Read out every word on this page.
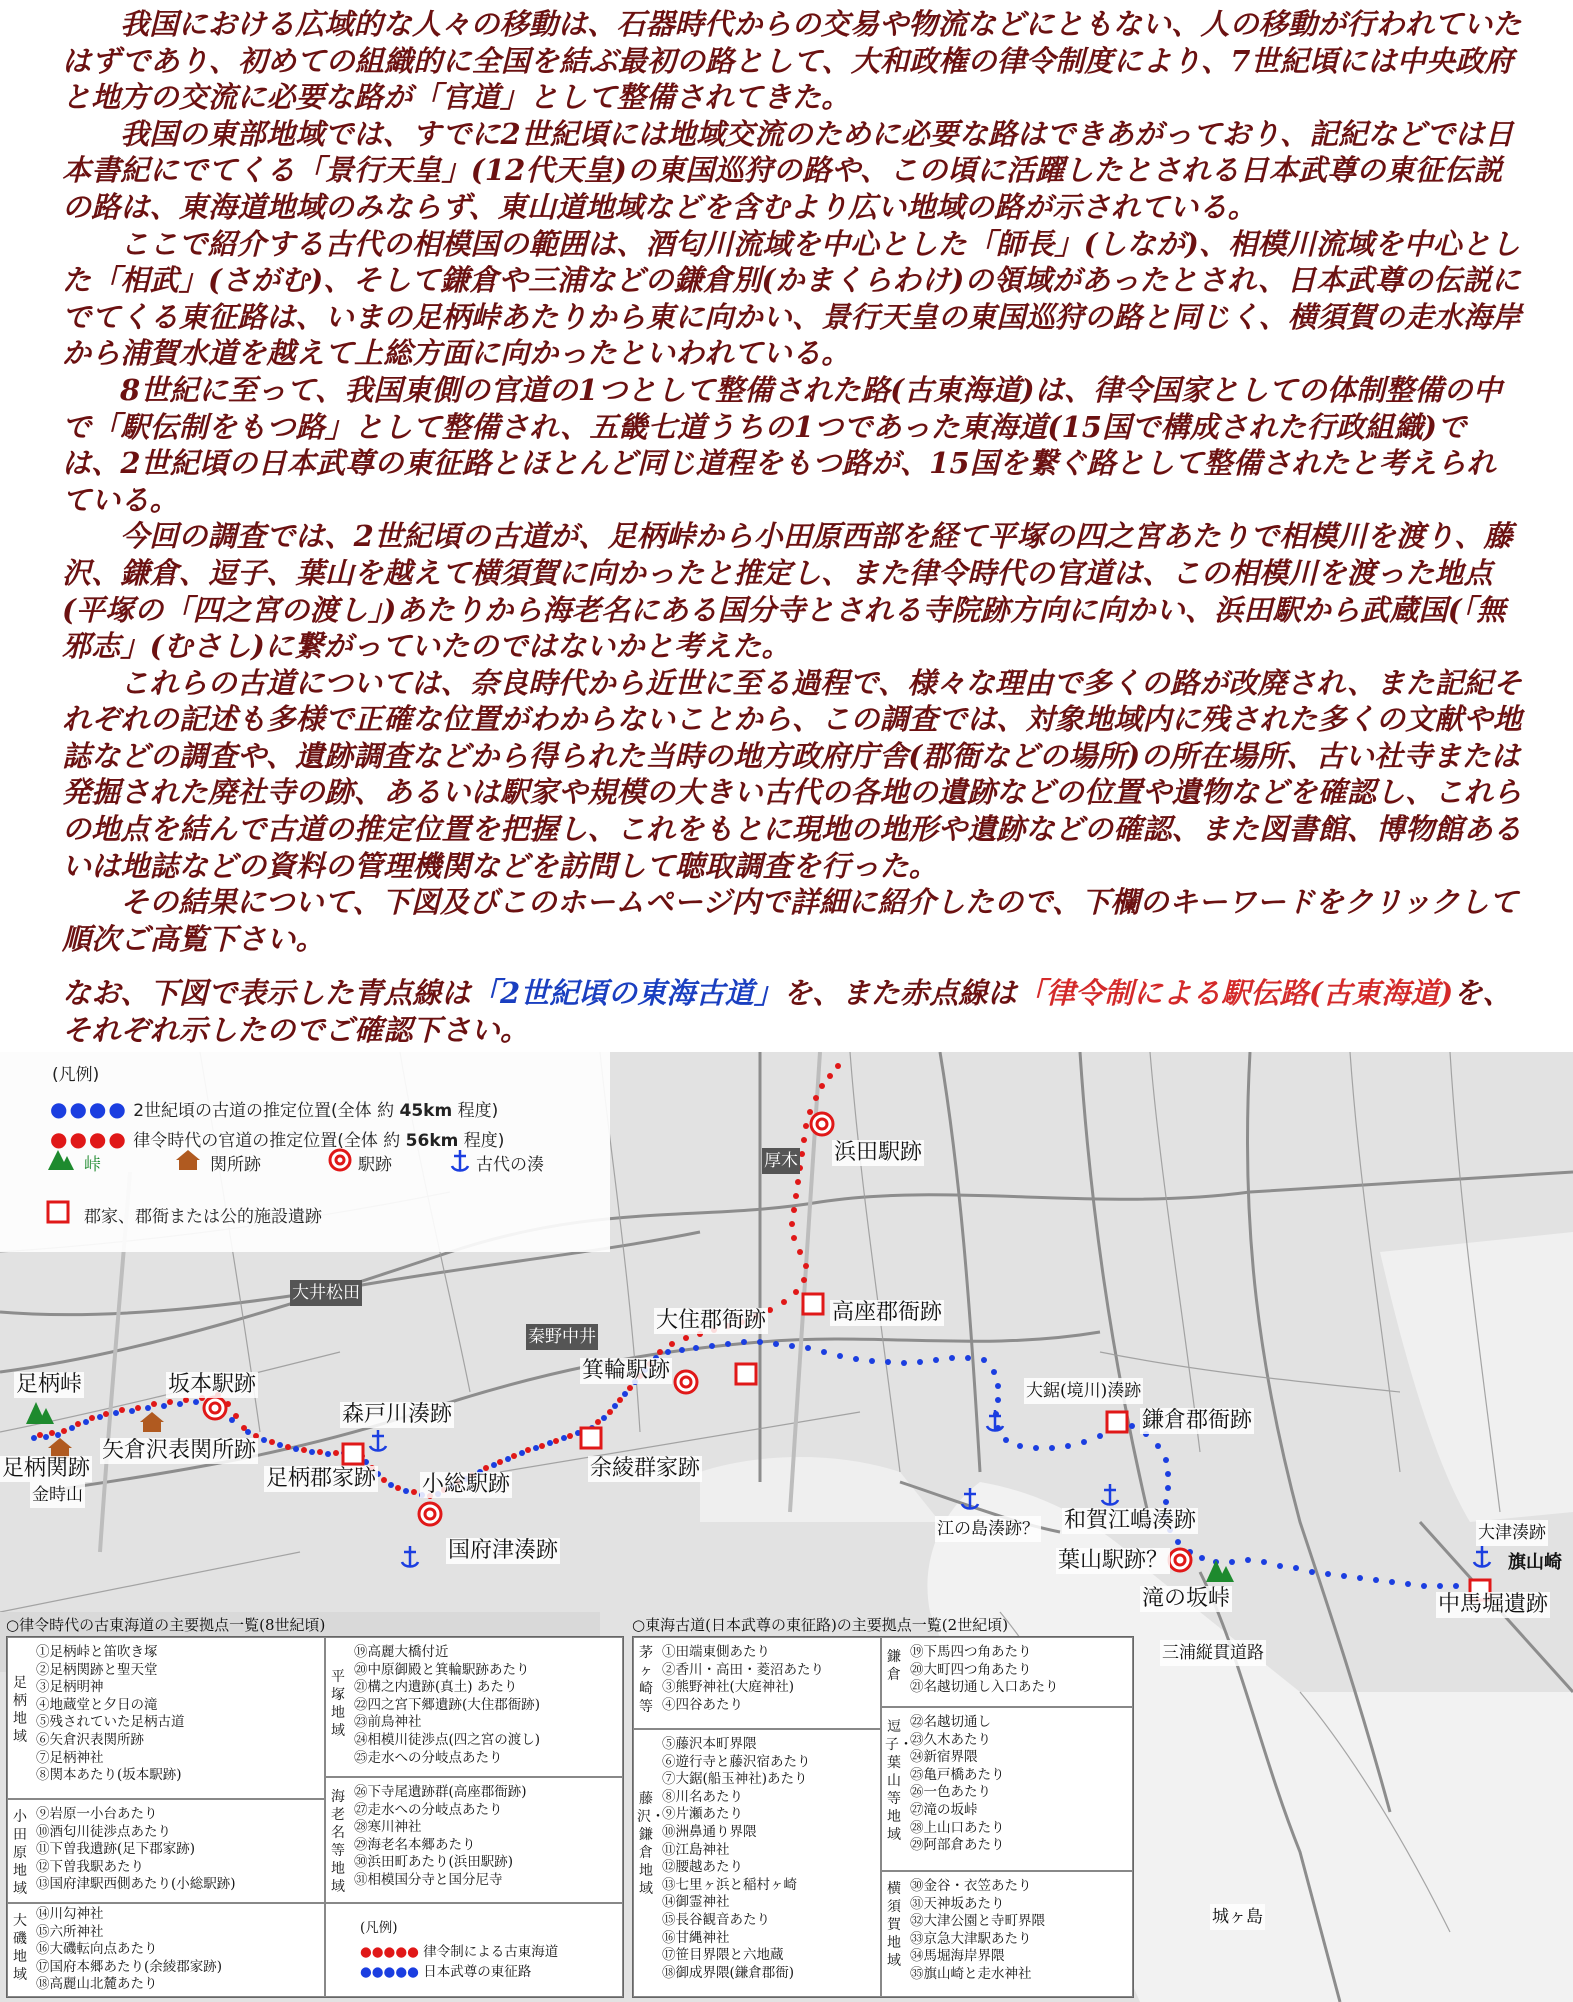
我国における広域的な人々の移動は、石器時代からの交易や物流などにともない、人の移動が行われていたはずであり、初めての組織的に全国を結ぶ最初の路として、大和政権の律令制度により、7世紀頃には中央政府と地方の交流に必要な路が「官道」として整備されてきた。

我国の東部地域では、すでに2世紀頃には地域交流のために必要な路はできあがっており、記紀などでは日本書紀にでてくる「景行天皇」(12代天皇)の東国巡狩の路や、この頃に活躍したとされる日本武尊の東征伝説の路は、東海道地域のみならず、東山道地域などを含むより広い地域の路が示されている。

ここで紹介する古代の相模国の範囲は、酒匂川流域を中心とした「師長」(しなが)、相模川流域を中心とした「相武」(さがむ)、そして鎌倉や三浦などの鎌倉別(かまくらわけ)の領域があったとされ、日本武尊の伝説にでてくる東征路は、いまの足柄峠あたりから東に向かい、景行天皇の東国巡狩の路と同じく、横須賀の走水海岸から浦賀水道を越えて上総方面に向かったといわれている。

8世紀に至って、我国東側の官道の1つとして整備された路(古東海道)は、律令国家としての体制整備の中で「駅伝制をもつ路」として整備され、五畿七道うちの1つであった東海道(15国で構成された行政組織)では、2世紀頃の日本武尊の東征路とほとんど同じ道程をもつ路が、15国を繋ぐ路として整備されたと考えられている。

今回の調査では、2世紀頃の古道が、足柄峠から小田原西部を経て平塚の四之宮あたりで相模川を渡り、藤沢、鎌倉、逗子、葉山を越えて横須賀に向かったと推定し、また律令時代の官道は、この相模川を渡った地点(平塚の「四之宮の渡し」)あたりから海老名にある国分寺とされる寺院跡方向に向かい、浜田駅から武蔵国(「無邪志」(むさし)に繋がっていたのではないかと考えた。

これらの古道については、奈良時代から近世に至る過程で、様々な理由で多くの路が改廃され、また記紀それぞれの記述も多様で正確な位置がわからないことから、この調査では、対象地域内に残された多くの文献や地誌などの調査や、遺跡調査などから得られた当時の地方政府庁舎(郡衙などの場所)の所在場所、古い社寺または発掘された廃社寺の跡、あるいは駅家や規模の大きい古代の各地の遺跡などの位置や遺物などを確認し、これらの地点を結んで古道の推定位置を把握し、これをもとに現地の地形や遺跡などの確認、また図書館、博物館あるいは地誌などの資料の管理機関などを訪問して聴取調査を行った。

その結果について、下図及びこのホームページ内で詳細に紹介したので、下欄のキーワードをクリックして順次ご高覧下さい。

なお、下図で表示した青点線は「2世紀頃の東海古道」を、また赤点線は「律令制による駅伝路(古東海道)を、それぞれ示したのでご確認下さい。

(凡例)
●●●● 2世紀頃の古道の推定位置(全体 約 45km 程度)
●●●● 律令時代の官道の推定位置(全体 約 56km 程度)
峠	関所跡	駅跡	古代の湊
郡家、郡衙または公的施設遺跡
厚木
大井松田
秦野中井
城ヶ島
三浦縦貫道路
足柄峠
足柄関跡
金時山
坂本駅跡
矢倉沢表関所跡
足柄郡家跡
森戸川湊跡
小総駅跡
国府津湊跡
余綾群家跡
箕輪駅跡
大住郡衙跡	高座郡衙跡
浜田駅跡
大鋸(境川)湊跡
鎌倉郡衙跡
江の島湊跡？ 和賀江嶋湊跡
葉山駅跡？
滝の坂峠
大津湊跡
中馬堀遺跡
旗山崎
○律令時代の古東海道の主要拠点一覧(8世紀頃)
足柄地域
①足柄峠と笛吹き塚
②足柄関跡と聖天堂
③足柄明神
④地蔵堂と夕日の滝
⑤残されていた足柄古道
⑥矢倉沢表関所跡
⑦足柄神社
⑧関本あたり(坂本駅跡)
小田原地域
⑨岩原一小台あたり
⑩酒匂川徒渉点あたり
⑪下曽我遺跡(足下郡家跡)
⑫下曽我駅あたり
⑬国府津駅西側あたり(小総駅跡)
大磯地域
⑭川勾神社
⑮六所神社
⑯大磯転向点あたり
⑰国府本郷あたり(余綾郡家跡)
⑱高麗山北麓あたり
平塚地域
⑲高麗大橋付近
⑳中原御殿と箕輪駅跡あたり
㉑構之内遺跡(真土) あたり
㉒四之宮下郷遺跡(大住郡衙跡)
㉓前鳥神社
㉔相模川徒渉点(四之宮の渡し)
㉕走水への分岐点あたり
海老名等地域
㉖下寺尾遺跡群(高座郡衙跡)
㉗走水への分岐点あたり
㉘寒川神社
㉙海老名本郷あたり
㉚浜田町あたり(浜田駅跡)
㉛相模国分寺と国分尼寺
(凡例)
●●●●● 律令制による古東海道
●●●●● 日本武尊の東征路
○東海古道(日本武尊の東征路)の主要拠点一覧(2世紀頃)
茅ヶ崎等
①田端東側あたり
②香川・高田・菱沼あたり
③熊野神社(大庭神社)
④四谷あたり
藤沢・鎌倉地域
⑤藤沢本町界隈
⑥遊行寺と藤沢宿あたり
⑦大鋸(船玉神社)あたり
⑧川名あたり
⑨片瀬あたり
⑩洲鼻通り界隈
⑪江島神社
⑫腰越あたり
⑬七里ヶ浜と稲村ヶ崎
⑭御霊神社
⑮長谷観音あたり
⑯甘縄神社
⑰笹目界隈と六地蔵
⑱御成界隈(鎌倉郡衙)
鎌倉
⑲下馬四つ角あたり
⑳大町四つ角あたり
㉑名越切通し入口あたり
逗子・葉山等地域
㉒名越切通し
㉓久木あたり
㉔新宿界隈
㉕亀戸橋あたり
㉖一色あたり
㉗滝の坂峠
㉘上山口あたり
㉙阿部倉あたり
横須賀地域
㉚金谷・衣笠あたり
㉛天神坂あたり
㉜大津公園と寺町界隈
㉝京急大津駅あたり
㉞馬堀海岸界隈
㉟旗山崎と走水神社
